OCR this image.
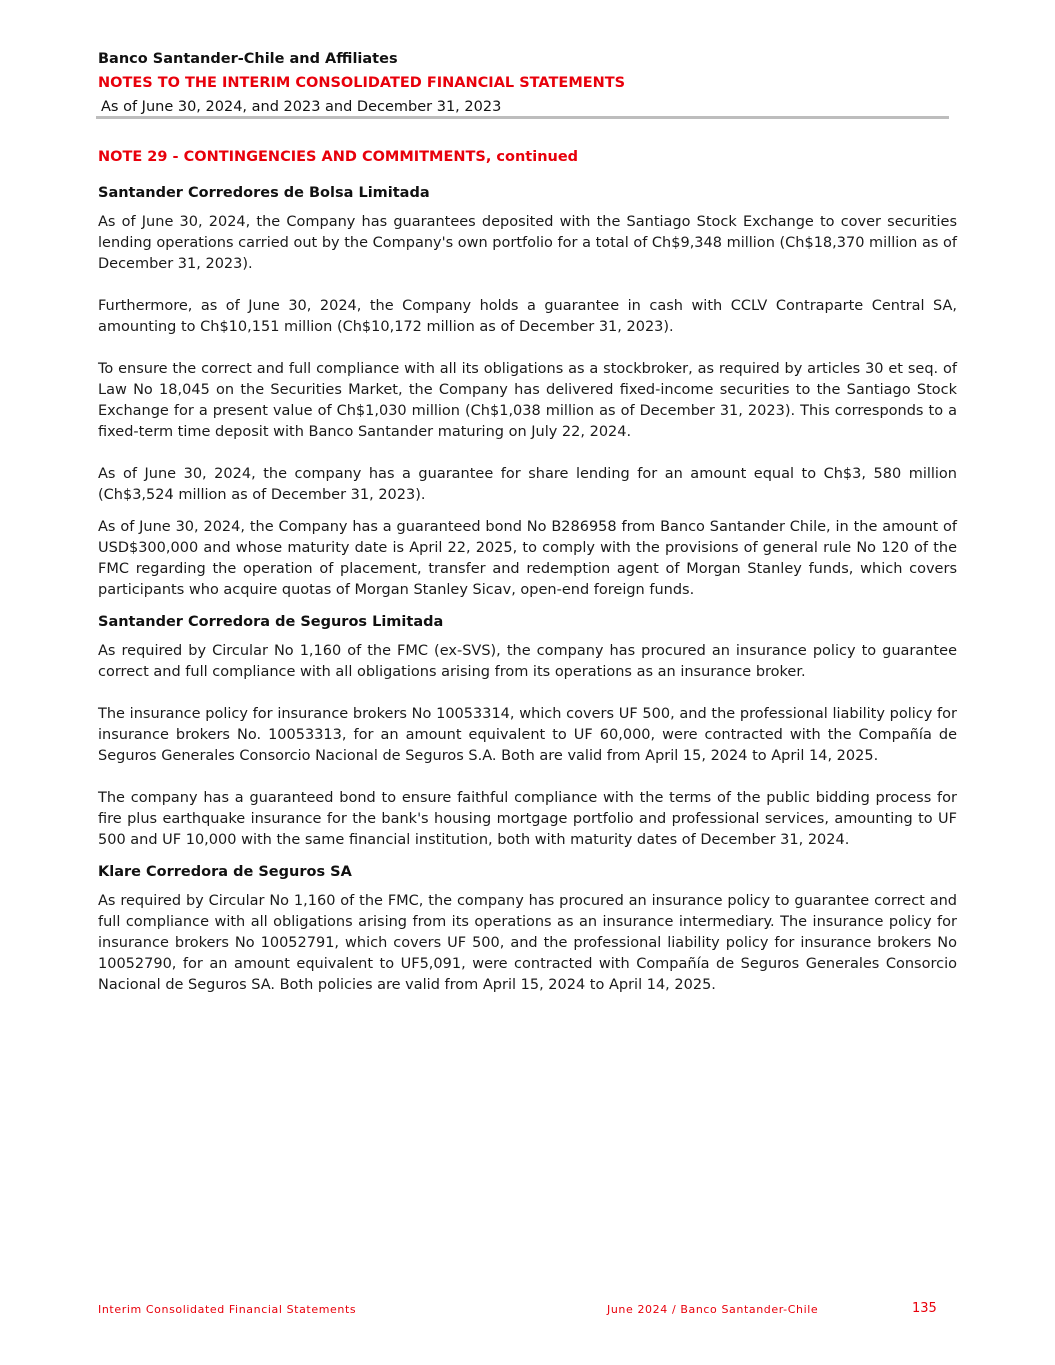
Banco Santander-Chile and Affiliates
NOTES TO THE INTERIM CONSOLIDATED FINANCIAL STATEMENTS
As of June 30, 2024, and 2023 and December 31, 2023
NOTE 29 - CONTINGENCIES AND COMMITMENTS, continued
Santander Corredores de Bolsa Limitada

As of June 30, 2024, the Company has guarantees deposited with the Santiago Stock Exchange to cover securities lending operations carried out by the Company's own portfolio for a total of Ch$9,348 million (Ch$18,370 million as of December 31, 2023).

Furthermore, as of June 30, 2024, the Company holds a guarantee in cash with CCLV Contraparte Central SA, amounting to Ch$10,151 million (Ch$10,172 million as of December 31, 2023).

To ensure the correct and full compliance with all its obligations as a stockbroker, as required by articles 30 et seq. of Law No 18,045 on the Securities Market, the Company has delivered fixed-income securities to the Santiago Stock Exchange for a present value of Ch$1,030 million (Ch$1,038 million as of December 31, 2023). This corresponds to a fixed-term time deposit with Banco Santander maturing on July 22, 2024.

As of June 30, 2024, the company has a guarantee for share lending for an amount equal to Ch$3, 580 million (Ch$3,524 million as of December 31, 2023).

As of June 30, 2024, the Company has a guaranteed bond No B286958 from Banco Santander Chile, in the amount of USD$300,000 and whose maturity date is April 22, 2025, to comply with the provisions of general rule No 120 of the FMC regarding the operation of placement, transfer and redemption agent of Morgan Stanley funds, which covers participants who acquire quotas of Morgan Stanley Sicav, open-end foreign funds.

Santander Corredora de Seguros Limitada

As required by Circular No 1,160 of the FMC (ex-SVS), the company has procured an insurance policy to guarantee correct and full compliance with all obligations arising from its operations as an insurance broker.

The insurance policy for insurance brokers No 10053314, which covers UF 500, and the professional liability policy for insurance brokers No. 10053313, for an amount equivalent to UF 60,000, were contracted with the Compañía de Seguros Generales Consorcio Nacional de Seguros S.A. Both are valid from April 15, 2024 to April 14, 2025.

The company has a guaranteed bond to ensure faithful compliance with the terms of the public bidding process for fire plus earthquake insurance for the bank's housing mortgage portfolio and professional services, amounting to UF 500 and UF 10,000 with the same financial institution, both with maturity dates of December 31, 2024.

Klare Corredora de Seguros SA

As required by Circular No 1,160 of the FMC, the company has procured an insurance policy to guarantee correct and full compliance with all obligations arising from its operations as an insurance intermediary. The insurance policy for insurance brokers No 10052791, which covers UF 500, and the professional liability policy for insurance brokers No 10052790, for an amount equivalent to UF5,091, were contracted with Compañía de Seguros Generales Consorcio Nacional de Seguros SA. Both policies are valid from April 15, 2024 to April 14, 2025.

Interim Consolidated Financial Statements	June 2024 / Banco Santander-Chile	135
